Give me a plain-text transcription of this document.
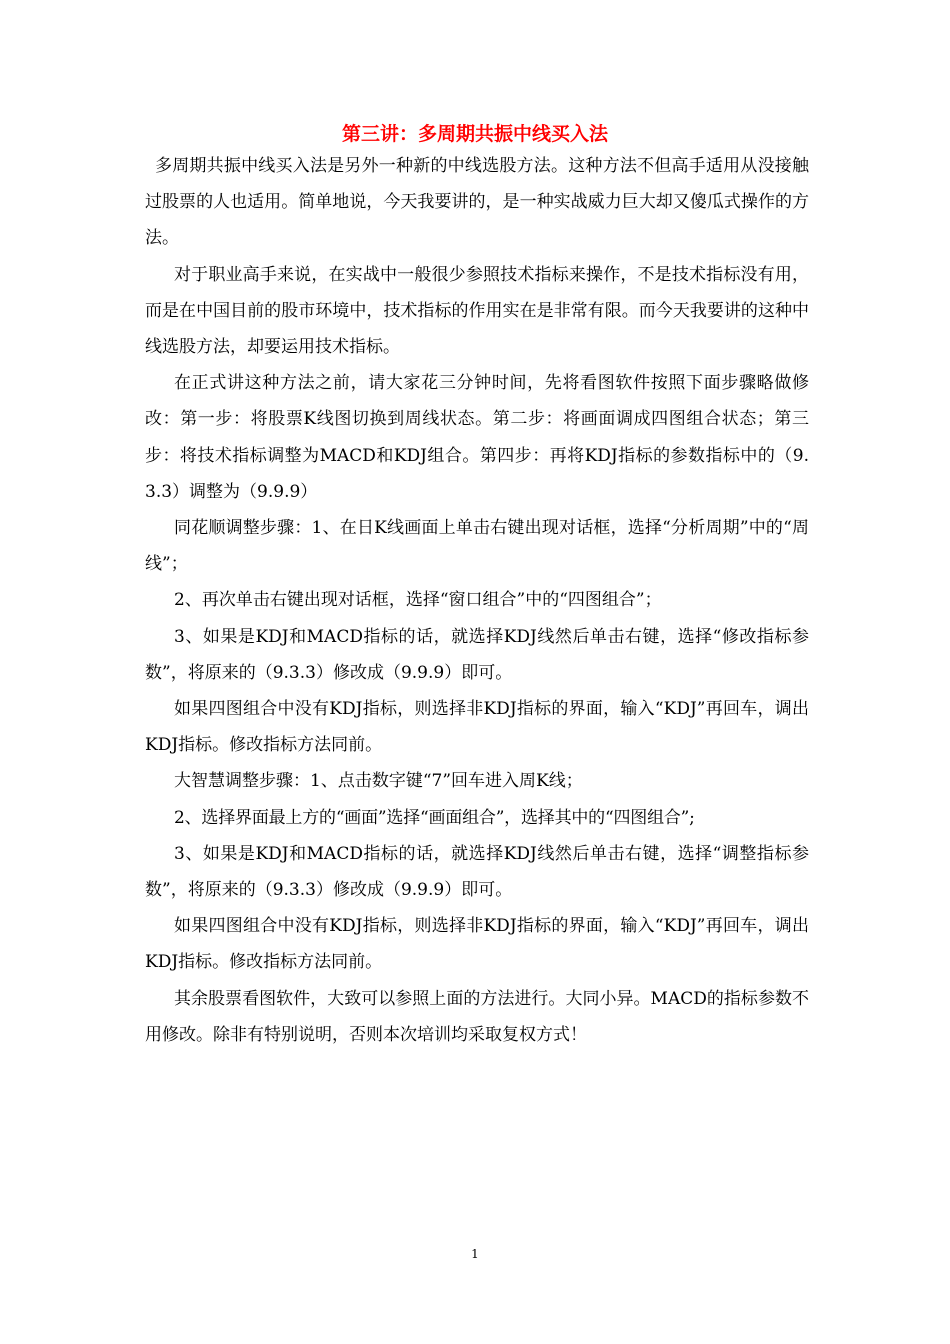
第三讲：多周期共振中线买入法

多周期共振中线买入法是另外一种新的中线选股方法。这种方法不但高手适用从没接触过股票的人也适用。简单地说，今天我要讲的，是一种实战威力巨大却又傻瓜式操作的方法。

对于职业高手来说，在实战中一般很少参照技术指标来操作，不是技术指标没有用，而是在中国目前的股市环境中，技术指标的作用实在是非常有限。而今天我要讲的这种中线选股方法，却要运用技术指标。

在正式讲这种方法之前，请大家花三分钟时间，先将看图软件按照下面步骤略做修改：第一步：将股票K线图切换到周线状态。第二步：将画面调成四图组合状态；第三步：将技术指标调整为MACD和KDJ组合。第四步：再将KDJ指标的参数指标中的（9.3.3）调整为（9.9.9）

同花顺调整步骤：1、在日K线画面上单击右键出现对话框，选择“分析周期”中的“周线”；

2、再次单击右键出现对话框，选择“窗口组合”中的“四图组合”；

3、如果是KDJ和MACD指标的话，就选择KDJ线然后单击右键，选择“修改指标参数”，将原来的（9.3.3）修改成（9.9.9）即可。

如果四图组合中没有KDJ指标，则选择非KDJ指标的界面，输入“KDJ”再回车，调出KDJ指标。修改指标方法同前。

大智慧调整步骤：1、点击数字键“7”回车进入周K线；

2、选择界面最上方的“画面”选择“画面组合”，选择其中的“四图组合”;

3、如果是KDJ和MACD指标的话，就选择KDJ线然后单击右键，选择“调整指标参数”，将原来的（9.3.3）修改成（9.9.9）即可。

如果四图组合中没有KDJ指标，则选择非KDJ指标的界面，输入“KDJ”再回车，调出KDJ指标。修改指标方法同前。

其余股票看图软件，大致可以参照上面的方法进行。大同小异。MACD的指标参数不用修改。除非有特别说明，否则本次培训均采取复权方式！

1
